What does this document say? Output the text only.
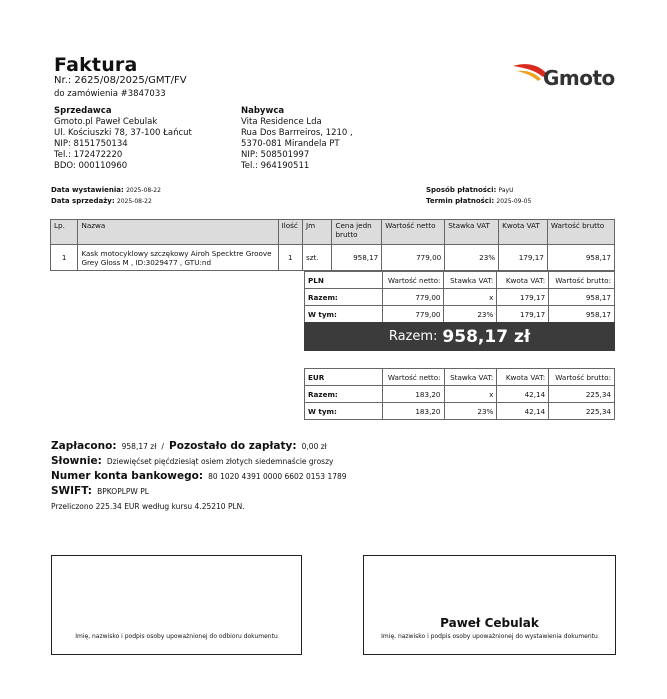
Faktura
Nr.: 2625/08/2025/GMT/FV
do zamówienia #3847033
Gmoto
Sprzedawca
Gmoto.pl Paweł Cebulak
Ul. Kościuszki 78, 37-100 Łańcut
NIP: 8151750134
Tel.: 172472220
BDO: 000110960
Nabywca
Vita Residence Lda
Rua Dos Barrreiros, 1210 ,
5370-081 Mirandela PT
NIP: 508501997
Tel.: 964190511
Data wystawienia: 2025-08-22
Data sprzedaży: 2025-08-22
Sposób płatności: PayU
Termin płatności: 2025-09-05
Lp.	Nazwa	Ilość	Jm	Cena jedn brutto	Wartość netto	Stawka VAT	Kwota VAT	Wartość brutto
1	Kask motocyklowy szczękowy Airoh Specktre Groove Grey Gloss M , ID:3029477 , GTU:nd	1	szt.	958,17	779,00	23%	179,17	958,17
PLN	Wartość netto:	Stawka VAT:	Kwota VAT:	Wartość brutto:
Razem:	779,00	x	179,17	958,17
W tym:	779,00	23%	179,17	958,17
Razem: 958,17 zł
EUR	Wartość netto:	Stawka VAT:	Kwota VAT:	Wartość brutto:
Razem:	183,20	x	42,14	225,34
W tym:	183,20	23%	42,14	225,34
Zapłacono: 958,17 zł / Pozostało do zapłaty: 0,00 zł
Słownie: Dziewięćset pięćdziesiąt osiem złotych siedemnaście groszy
Numer konta bankowego: 80 1020 4391 0000 6602 0153 1789
SWIFT: BPKOPLPW PL
Przeliczono 225.34 EUR według kursu 4.25210 PLN.
Imię, nazwisko i podpis osoby upoważnionej do odbioru dokumentu
Paweł Cebulak
Imię, nazwisko i podpis osoby upoważnionej do wystawienia dokumentu
